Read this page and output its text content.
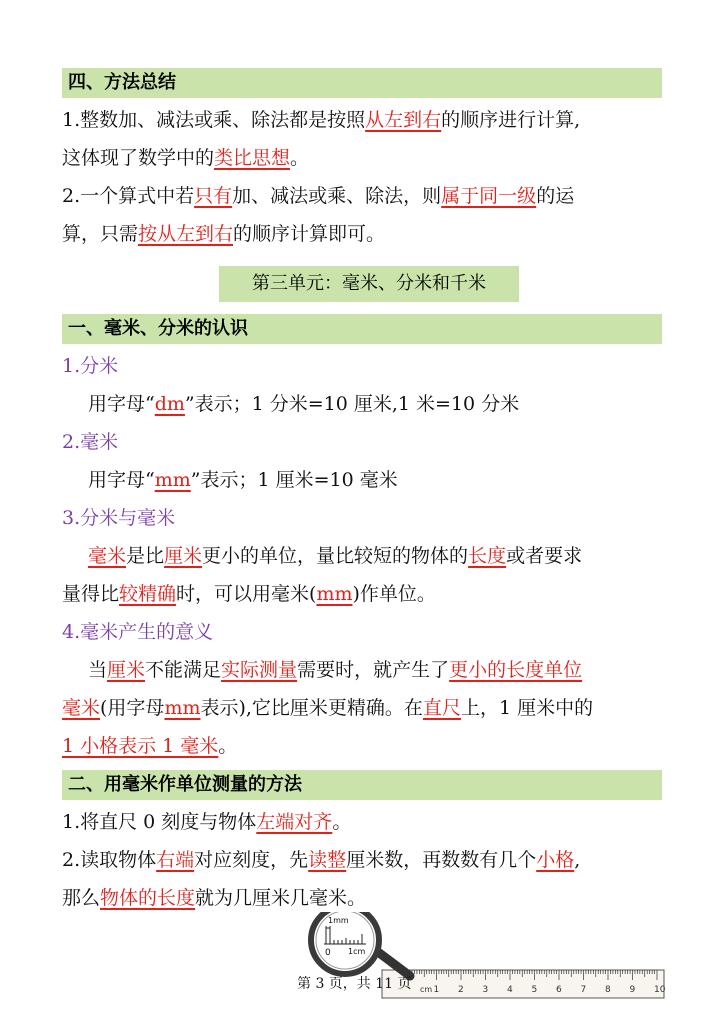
四、方法总结
1.整数加、减法或乘、除法都是按照从左到右的顺序进行计算,
这体现了数学中的类比思想。
2.一个算式中若只有加、减法或乘、除法，则属于同一级的运
算，只需按从左到右的顺序计算即可。
第三单元：毫米、分米和千米
一、毫米、分米的认识
1.分米
用字母“dm”表示；1 分米=10 厘米,1 米=10 分米
2.毫米
用字母“mm”表示；1 厘米=10 毫米
3.分米与毫米
毫米是比厘米更小的单位，量比较短的物体的长度或者要求
量得比较精确时，可以用毫米(mm)作单位。
4.毫米产生的意义
当厘米不能满足实际测量需要时，就产生了更小的长度单位
毫米(用字母mm表示),它比厘米更精确。在直尺上，1 厘米中的
1 小格表示 1 毫米。
二、用毫米作单位测量的方法
1.将直尺 0 刻度与物体左端对齐。
2.读取物体右端对应刻度，先读整厘米数，再数数有几个小格,
那么物体的长度就为几厘米几毫米。
cm 1 2 3 4 5 6 7 8 9 10
1mm
0 1cm
第 3 页，共 11 页
